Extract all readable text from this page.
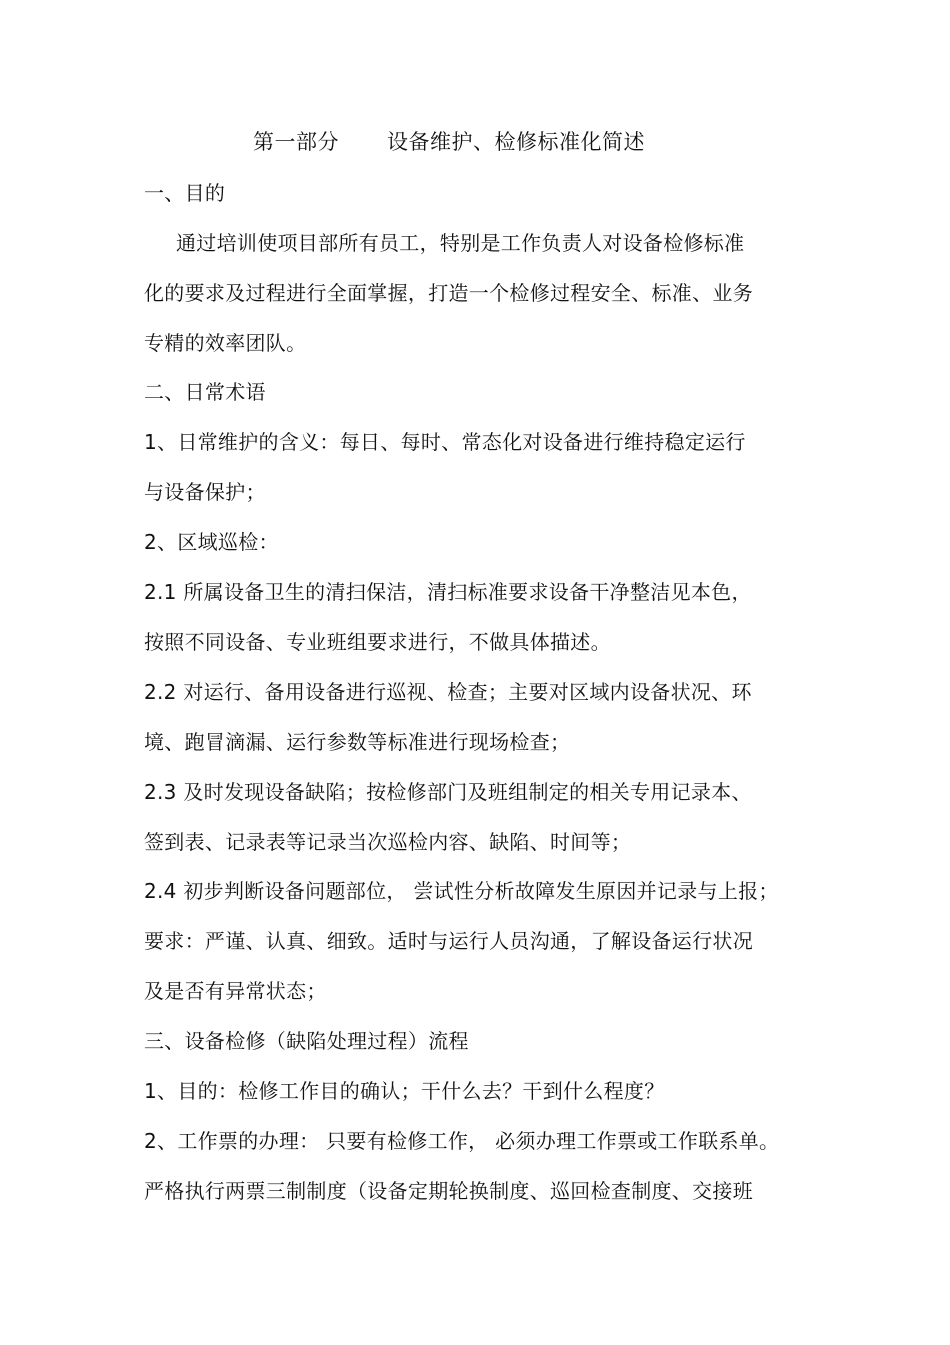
第一部分 设备维护、检修标准化简述
一、目的
通过培训使项目部所有员工，特别是工作负责人对设备检修标准
化的要求及过程进行全面掌握，打造一个检修过程安全、标准、业务
专精的效率团队。
二、日常术语
1、日常维护的含义：每日、每时、常态化对设备进行维持稳定运行
与设备保护；
2、区域巡检：
2.1 所属设备卫生的清扫保洁，清扫标准要求设备干净整洁见本色，
按照不同设备、专业班组要求进行，不做具体描述。
2.2 对运行、备用设备进行巡视、检查；主要对区域内设备状况、环
境、跑冒滴漏、运行参数等标准进行现场检查；
2.3 及时发现设备缺陷；按检修部门及班组制定的相关专用记录本、
签到表、记录表等记录当次巡检内容、缺陷、时间等；
2.4 初步判断设备问题部位， 尝试性分析故障发生原因并记录与上报；
要求：严谨、认真、细致。适时与运行人员沟通，了解设备运行状况
及是否有异常状态；
三、设备检修（缺陷处理过程）流程
1、目的：检修工作目的确认；干什么去？干到什么程度？
2、工作票的办理： 只要有检修工作， 必须办理工作票或工作联系单。
严格执行两票三制制度（设备定期轮换制度、巡回检查制度、交接班
